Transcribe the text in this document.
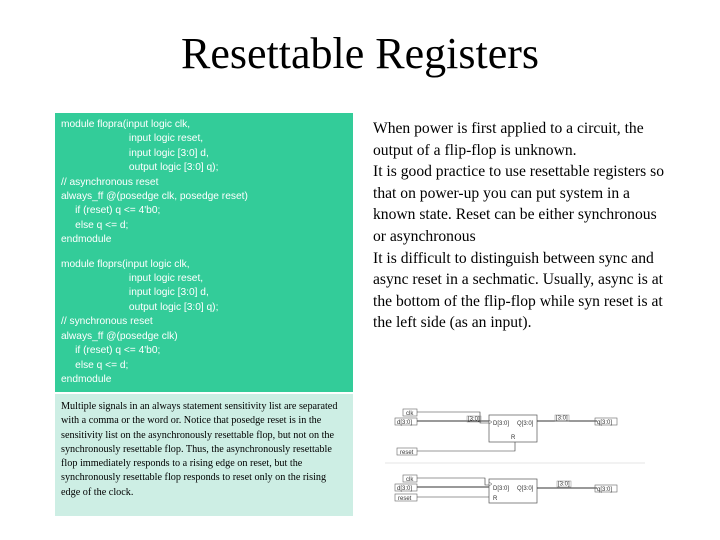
Resettable Registers
module flopra(input logic clk,
input logic reset,
input logic [3:0] d,
output logic [3:0] q);
// asynchronous reset
always_ff @(posedge clk, posedge reset)
if (reset) q <= 4'b0;
else q <= d;
endmodule
module floprs(input logic clk,
input logic reset,
input logic [3:0] d,
output logic [3:0] q);
// synchronous reset
always_ff @(posedge clk)
if (reset) q <= 4'b0;
else q <= d;
endmodule

Multiple signals in an always statement sensitivity list are separated with a comma or the word or. Notice that posedge reset is in the sensitivity list on the asynchronously resettable flop, but not on the synchronously resettable flop. Thus, the asynchronously resettable flop immediately responds to a rising edge on reset, but the synchronously resettable flop responds to reset only on the rising edge of the clock.

When power is first applied to a circuit, the output of a flip-flop is unknown.

It is good practice to use resettable registers so that on power-up you can put system in a known state. Reset can be either synchronous or asynchronous

It is difficult to distinguish between sync and async reset in a sechmatic. Usually, async is at the bottom of the flip-flop while syn reset is at the left side (as an input).

clk
d[3:0]
reset
[3:0]
D[3:0] Q[3:0]
R
[3:0]
q[3:0]
clk
d[3:0]
reset
D[3:0] Q[3:0]
R
[3:0]
q[3:0]
